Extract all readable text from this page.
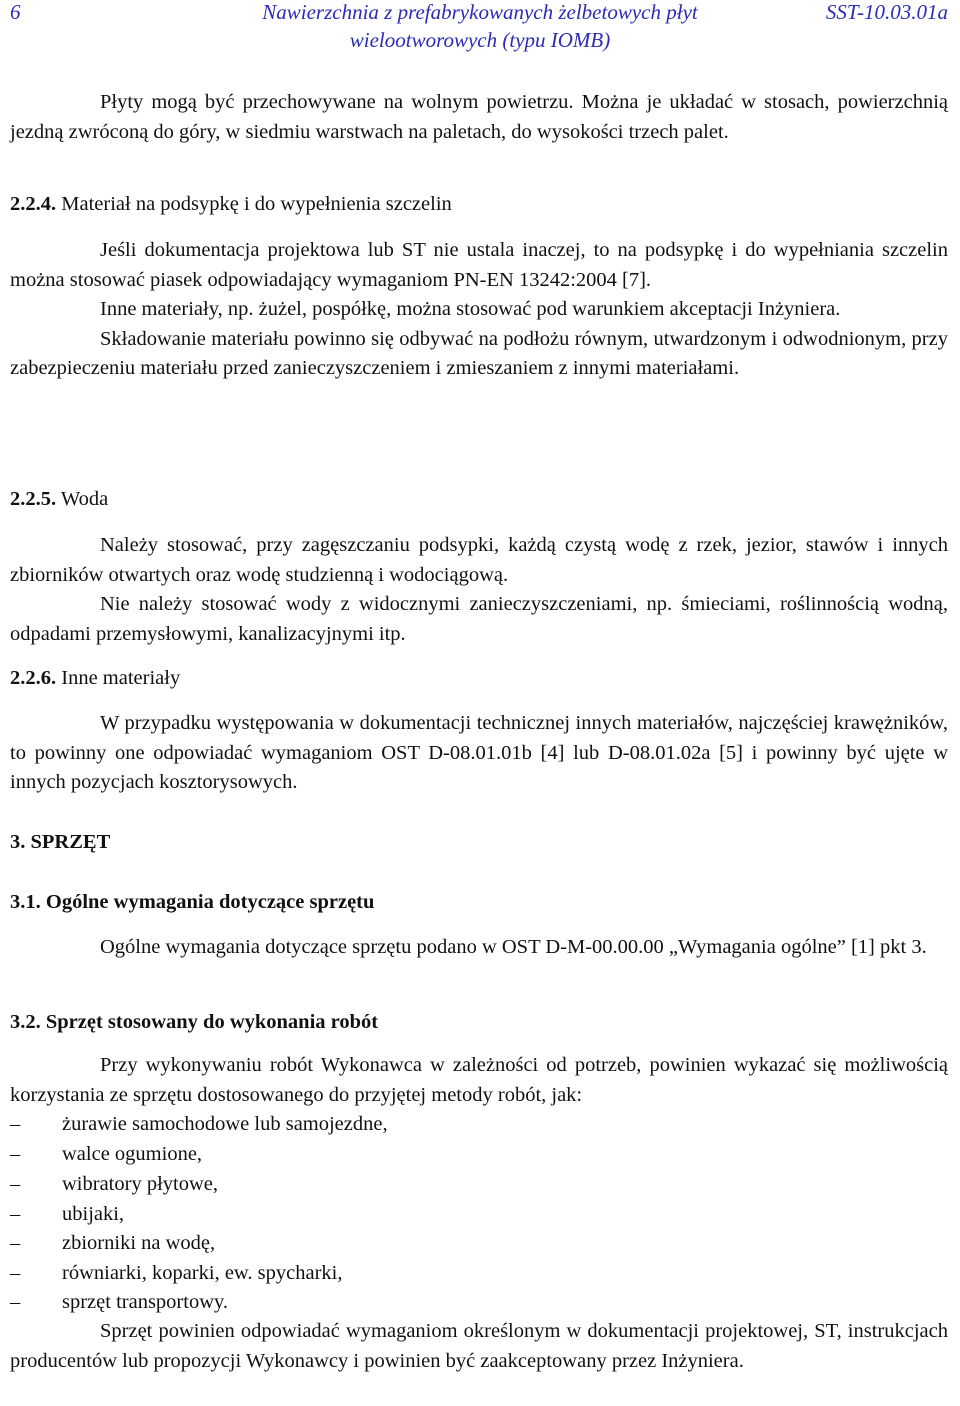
6	Nawierzchnia z prefabrykowanych żelbetowych płyt
wielootworowych (typu IOMB)
SST-10.03.01a

Płyty mogą być przechowywane na wolnym powietrzu. Można je układać w stosach, powierzchnią jezdną zwróconą do góry, w siedmiu warstwach na paletach, do wysokości trzech palet.

2.2.4. Materiał na podsypkę i do wypełnienia szczelin

Jeśli dokumentacja projektowa lub ST nie ustala inaczej, to na podsypkę i do wypełniania szczelin można stosować piasek odpowiadający wymaganiom PN-EN 13242:2004 [7].

Inne materiały, np. żużel, pospółkę, można stosować pod warunkiem akceptacji Inżyniera.

Składowanie materiału powinno się odbywać na podłożu równym, utwardzonym i odwodnionym, przy zabezpieczeniu materiału przed zanieczyszczeniem i zmieszaniem z innymi materiałami.

2.2.5. Woda

Należy stosować, przy zagęszczaniu podsypki, każdą czystą wodę z rzek, jezior, stawów i innych zbiorników otwartych oraz wodę studzienną i wodociągową.

Nie należy stosować wody z widocznymi zanieczyszczeniami, np. śmieciami, roślinnością wodną, odpadami przemysłowymi, kanalizacyjnymi itp.

2.2.6. Inne materiały

W przypadku występowania w dokumentacji technicznej innych materiałów, najczęściej krawężników, to powinny one odpowiadać wymaganiom OST D-08.01.01b [4] lub D-08.01.02a [5] i powinny być ujęte w innych pozycjach kosztorysowych.

3. SPRZĘT
3.1. Ogólne wymagania dotyczące sprzętu

Ogólne wymagania dotyczące sprzętu podano w OST D-M-00.00.00 „Wymagania ogólne” [1] pkt 3.

3.2. Sprzęt stosowany do wykonania robót

Przy wykonywaniu robót Wykonawca w zależności od potrzeb, powinien wykazać się możliwością korzystania ze sprzętu dostosowanego do przyjętej metody robót, jak:

–	żurawie samochodowe lub samojezdne,
–	walce ogumione,
–	wibratory płytowe,
–	ubijaki,
–	zbiorniki na wodę,
–	równiarki, koparki, ew. spycharki,
–	sprzęt transportowy.

Sprzęt powinien odpowiadać wymaganiom określonym w dokumentacji projektowej, ST, instrukcjach producentów lub propozycji Wykonawcy i powinien być zaakceptowany przez Inżyniera.
